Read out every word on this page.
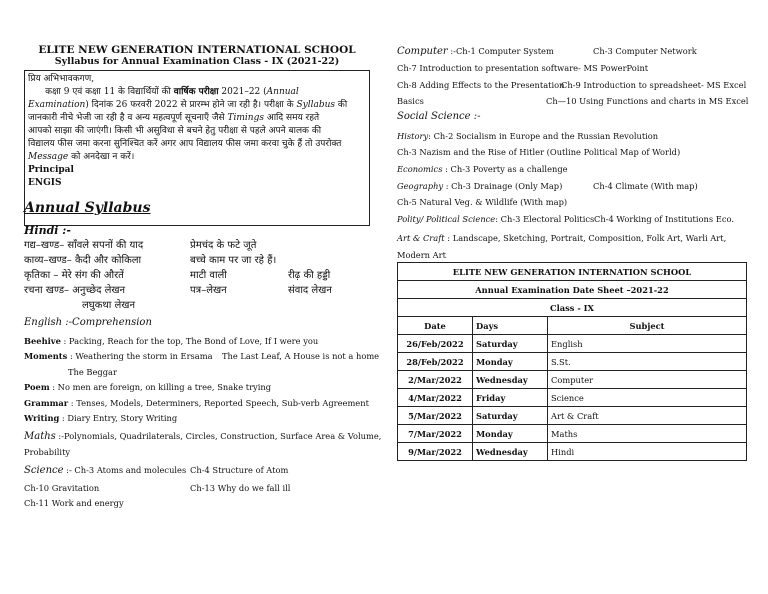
ELITE NEW GENERATION INTERNATIONAL SCHOOL
Syllabus for Annual Examination Class - IX (2021-22)

प्रिय अभिभावकगण,

कक्षा 9 एवं कक्षा 11 के विद्यार्थियों की वार्षिक परीक्षा 2021–22 (Annual

Examination) दिनांक 26 फरवरी 2022 से प्रारम्भ होने जा रही है। परीक्षा के Syllabus की

जानकारी नीचे भेजी जा रही है व अन्य महत्वपूर्ण सूचनाएँ जैसे Timings आदि समय रहते

आपको साझा की जाएंगी। किसी भी असुविधा से बचने हेतु परीक्षा से पहले अपने बालक की

विद्यालय फीस जमा करना सुनिश्चित करें अगर आप विद्यालय फीस जमा करवा चुके हैं तो उपरोक्त

Message को अनदेखा न करें।

Principal

ENGIS

Annual Syllabus
Hindi :-
गद्य–खण्ड– साँवले सपनों की याद	प्रेमचंद के फटे जूते
काव्य–खण्ड– कैदी और कोकिला	बच्चे काम पर जा रहे हैं।
कृतिका – मेरे संग की औरतें	माटी वाली	रीढ़ की हड्डी
रचना खण्ड– अनुच्छेद लेखन	पत्र–लेखन	संवाद लेखन
लघुकथा लेखन
English :-Comprehension
Beehive : Packing, Reach for the top, The Bond of Love, If I were you
Moments : Weathering the storm in Ersama The Last Leaf, A House is not a home
The Beggar
Poem : No men are foreign, on killing a tree, Snake trying
Grammar : Tenses, Models, Determiners, Reported Speech, Sub-verb Agreement
Writing : Diary Entry, Story Writing
Maths :-Polynomials, Quadrilaterals, Circles, Construction, Surface Area & Volume,
Probability
Science :- Ch-3 Atoms and molecules Ch-4 Structure of Atom
Ch-10 Gravitation	Ch-13 Why do we fall ill
Ch-11 Work and energy
Computer :-Ch-1 Computer System	Ch-3 Computer Network
Ch-7 Introduction to presentation software- MS PowerPoint
Ch-8 Adding Effects to the Presentation
Ch-9 Introduction to spreadsheet- MS Excel
Basics	Ch—10 Using Functions and charts in MS Excel
Social Science :-
History: Ch-2 Socialism in Europe and the Russian Revolution
Ch-3 Nazism and the Rise of Hitler (Outline Political Map of World)
Economics : Ch-3 Poverty as a challenge
Geography : Ch-3 Drainage (Only Map)	Ch-4 Climate (With map)
Ch-5 Natural Veg. & Wildlife (With map)
Polity/ Political Science: Ch-3 Electoral Politics Ch-4 Working of Institutions Eco.
Art & Craft : Landscape, Sketching, Portrait, Composition, Folk Art, Warli Art,
Modern Art
ELITE NEW GENERATION INTERNATION SCHOOL		
Annual Examination Date Sheet –2021-22		
Class - IX		
Date	Days	Subject
26/Feb/2022	Saturday	English
28/Feb/2022	Monday	S.St.
2/Mar/2022	Wednesday	Computer
4/Mar/2022	Friday	Science
5/Mar/2022	Saturday	Art & Craft
7/Mar/2022	Monday	Maths
9/Mar/2022	Wednesday	Hindi
